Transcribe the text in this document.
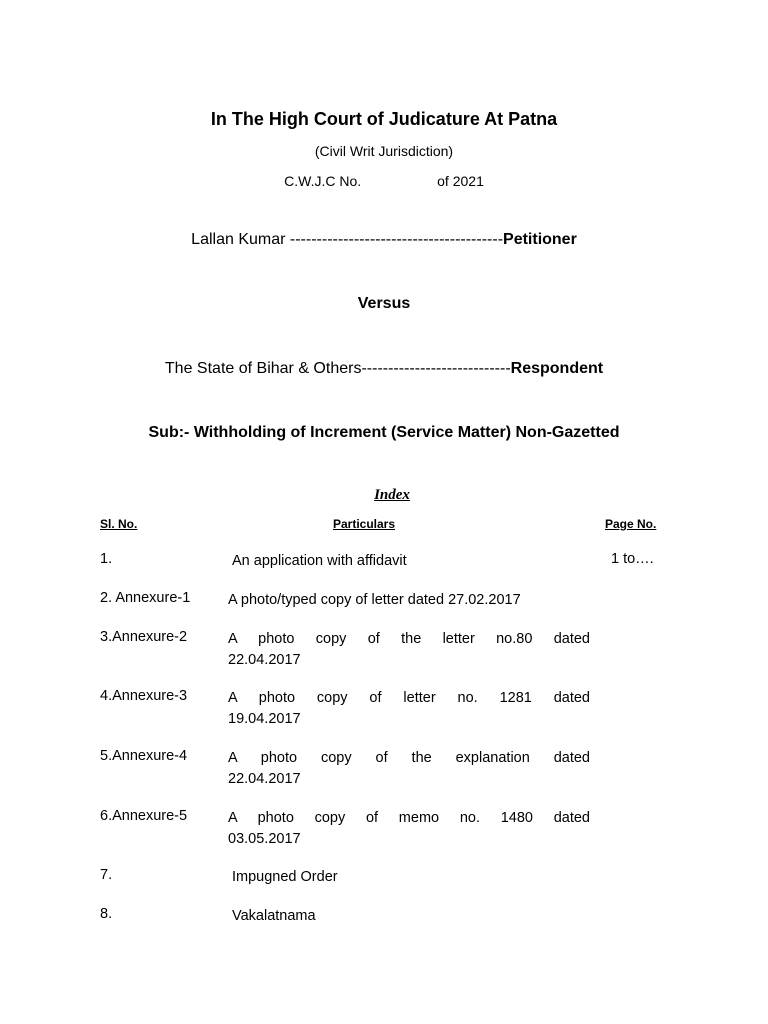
In The High Court of Judicature At Patna
(Civil Writ Jurisdiction)
C.W.J.C No.	of 2021
Lallan Kumar ----------------------------------------Petitioner
Versus
The State of Bihar & Others----------------------------Respondent
Sub:- Withholding of Increment (Service Matter) Non-Gazetted
Index
Sl. No.	Particulars	Page No.
1.	An application with affidavit	1 to….
2. Annexure-1	A photo/typed copy of letter dated 27.02.2017
3.Annexure-2	A photo copy of the letter no.80 dated
22.04.2017
4.Annexure-3	A photo copy of letter no. 1281 dated
19.04.2017
5.Annexure-4	A photo copy of the explanation dated
22.04.2017
6.Annexure-5	A photo copy of memo no. 1480 dated
03.05.2017
7.	Impugned Order
8.	Vakalatnama
